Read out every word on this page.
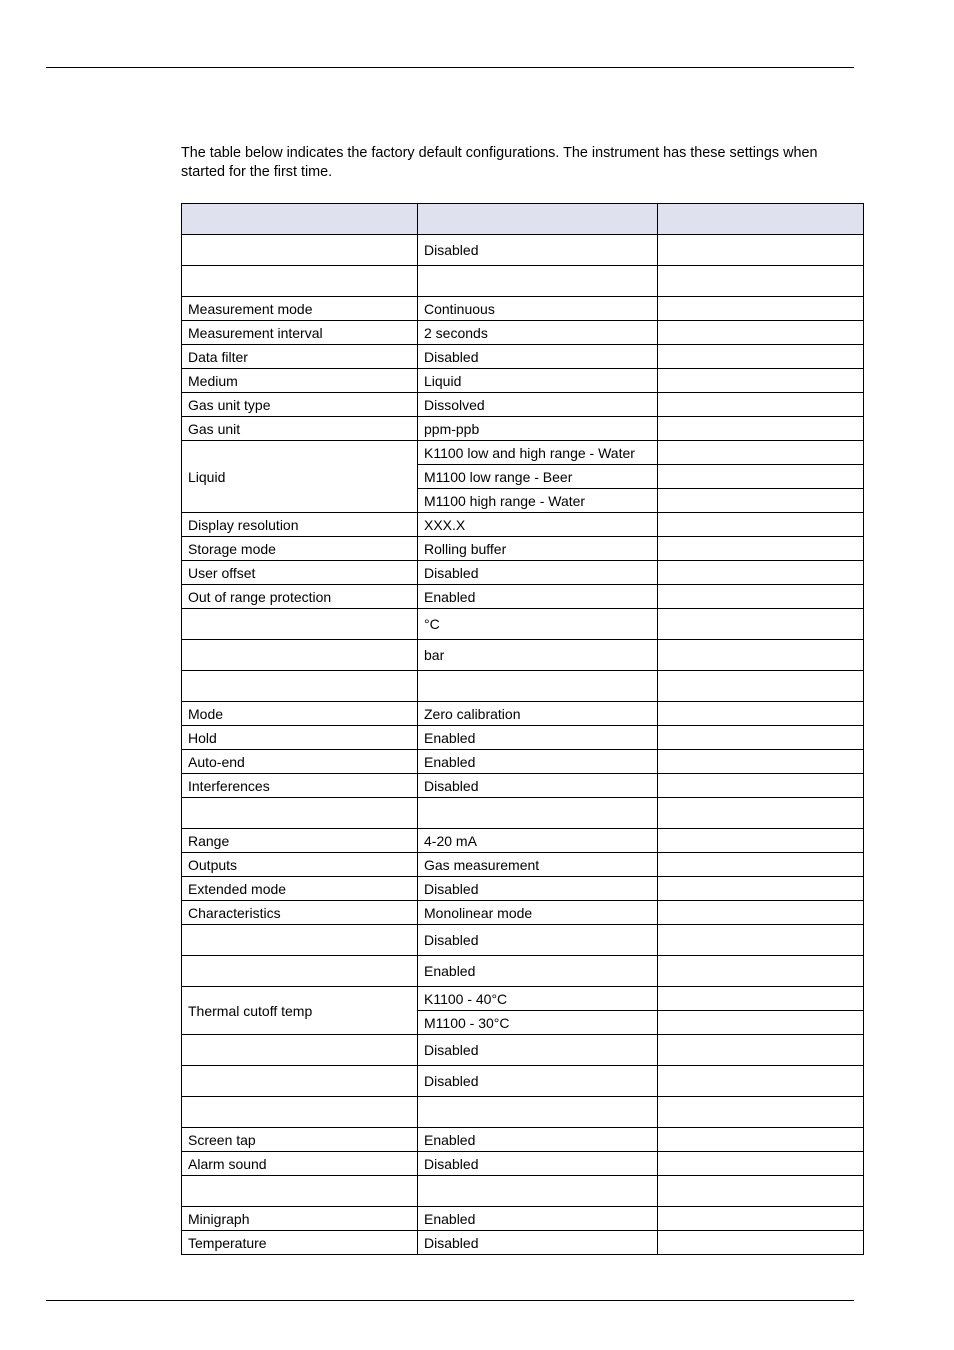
The table below indicates the factory default configurations. The instrument has these settings when started for the first time.

	Disabled	

Measurement mode	Continuous	
Measurement interval	2 seconds	
Data filter	Disabled	
Medium	Liquid	
Gas unit type	Dissolved	
Gas unit	ppm-ppb	
Liquid	K1100 low and high range - Water	
	M1100 low range - Beer	
	M1100 high range - Water	
Display resolution	XXX.X	
Storage mode	Rolling buffer	
User offset	Disabled	
Out of range protection	Enabled	
	°C	
	bar	

Mode	Zero calibration	
Hold	Enabled	
Auto-end	Enabled	
Interferences	Disabled	

Range	4-20 mA	
Outputs	Gas measurement	
Extended mode	Disabled	
Characteristics	Monolinear mode	
	Disabled	
	Enabled	
Thermal cutoff temp	K1100 - 40°C	
	M1100 - 30°C	
	Disabled	
	Disabled	

Screen tap	Enabled	
Alarm sound	Disabled	

Minigraph	Enabled	
Temperature	Disabled	
